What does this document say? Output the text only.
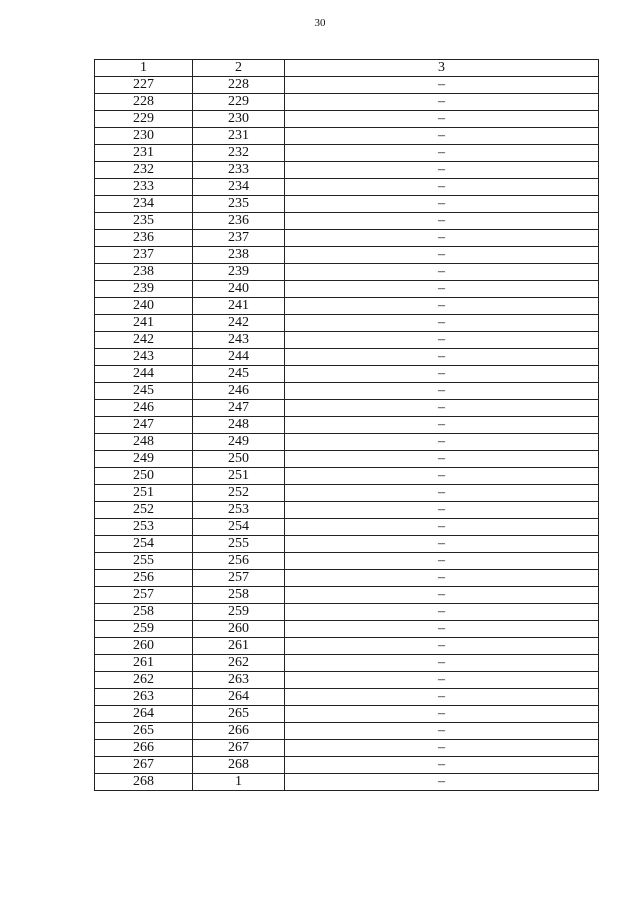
30
1	2	3
227	228	–
228	229	–
229	230	–
230	231	–
231	232	–
232	233	–
233	234	–
234	235	–
235	236	–
236	237	–
237	238	–
238	239	–
239	240	–
240	241	–
241	242	–
242	243	–
243	244	–
244	245	–
245	246	–
246	247	–
247	248	–
248	249	–
249	250	–
250	251	–
251	252	–
252	253	–
253	254	–
254	255	–
255	256	–
256	257	–
257	258	–
258	259	–
259	260	–
260	261	–
261	262	–
262	263	–
263	264	–
264	265	–
265	266	–
266	267	–
267	268	–
268	1	–
